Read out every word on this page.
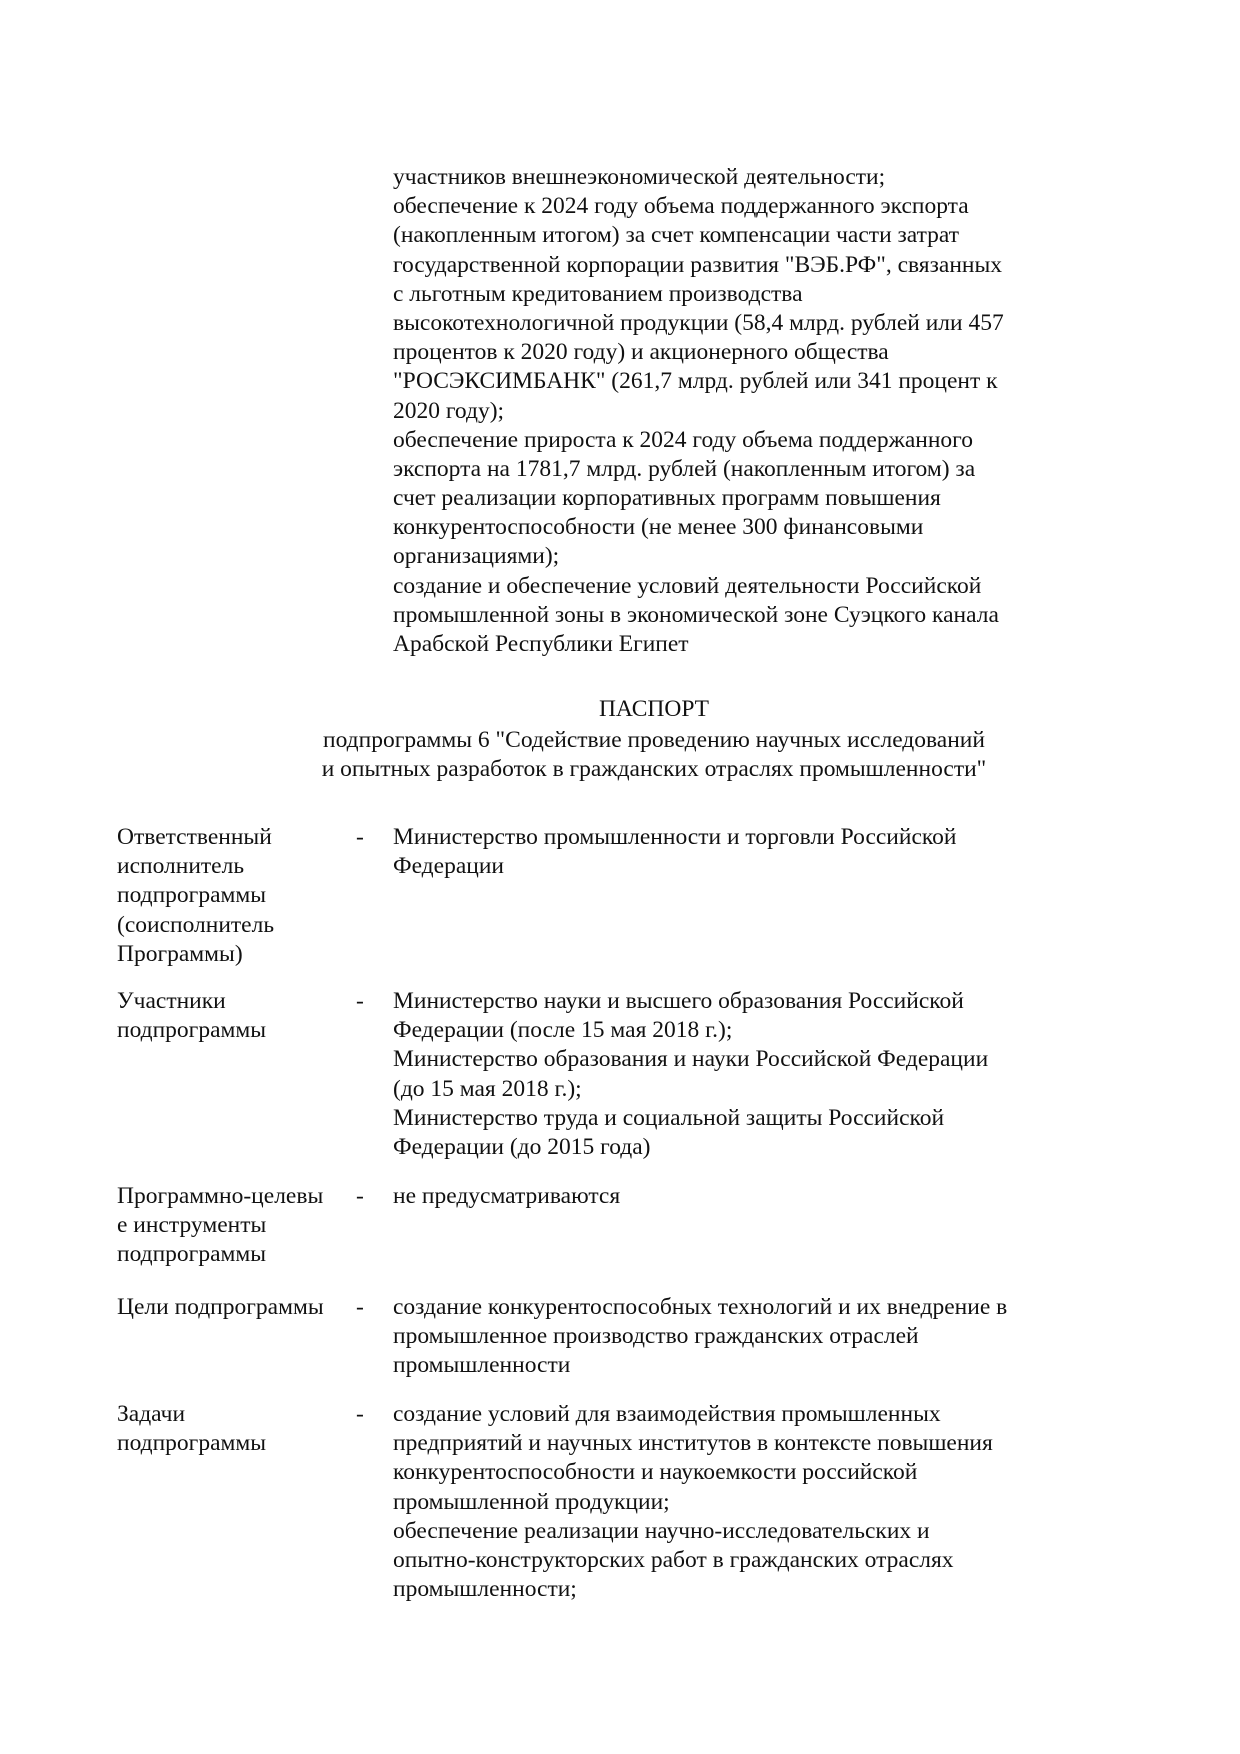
участников внешнеэкономической деятельности;
обеспечение к 2024 году объема поддержанного экспорта
(накопленным итогом) за счет компенсации части затрат
государственной корпорации развития "ВЭБ.РФ", связанных
с льготным кредитованием производства
высокотехнологичной продукции (58,4 млрд. рублей или 457
процентов к 2020 году) и акционерного общества
"РОСЭКСИМБАНК" (261,7 млрд. рублей или 341 процент к
2020 году);
обеспечение прироста к 2024 году объема поддержанного
экспорта на 1781,7 млрд. рублей (накопленным итогом) за
счет реализации корпоративных программ повышения
конкурентоспособности (не менее 300 финансовыми
организациями);
создание и обеспечение условий деятельности Российской
промышленной зоны в экономической зоне Суэцкого канала
Арабской Республики Египет
ПАСПОРТ
подпрограммы 6 "Содействие проведению научных исследований
и опытных разработок в гражданских отраслях промышленности"
Ответственный
исполнитель
подпрограммы
(соисполнитель
Программы)
- Министерство промышленности и торговли Российской
Федерации
Участники
подпрограммы
- Министерство науки и высшего образования Российской
Федерации (после 15 мая 2018 г.);
Министерство образования и науки Российской Федерации
(до 15 мая 2018 г.);
Министерство труда и социальной защиты Российской
Федерации (до 2015 года)
Программно-целевы
е инструменты
подпрограммы
- не предусматриваются
Цели подпрограммы - создание конкурентоспособных технологий и их внедрение в
промышленное производство гражданских отраслей
промышленности
Задачи
подпрограммы
- создание условий для взаимодействия промышленных
предприятий и научных институтов в контексте повышения
конкурентоспособности и наукоемкости российской
промышленной продукции;
обеспечение реализации научно-исследовательских и
опытно-конструкторских работ в гражданских отраслях
промышленности;
